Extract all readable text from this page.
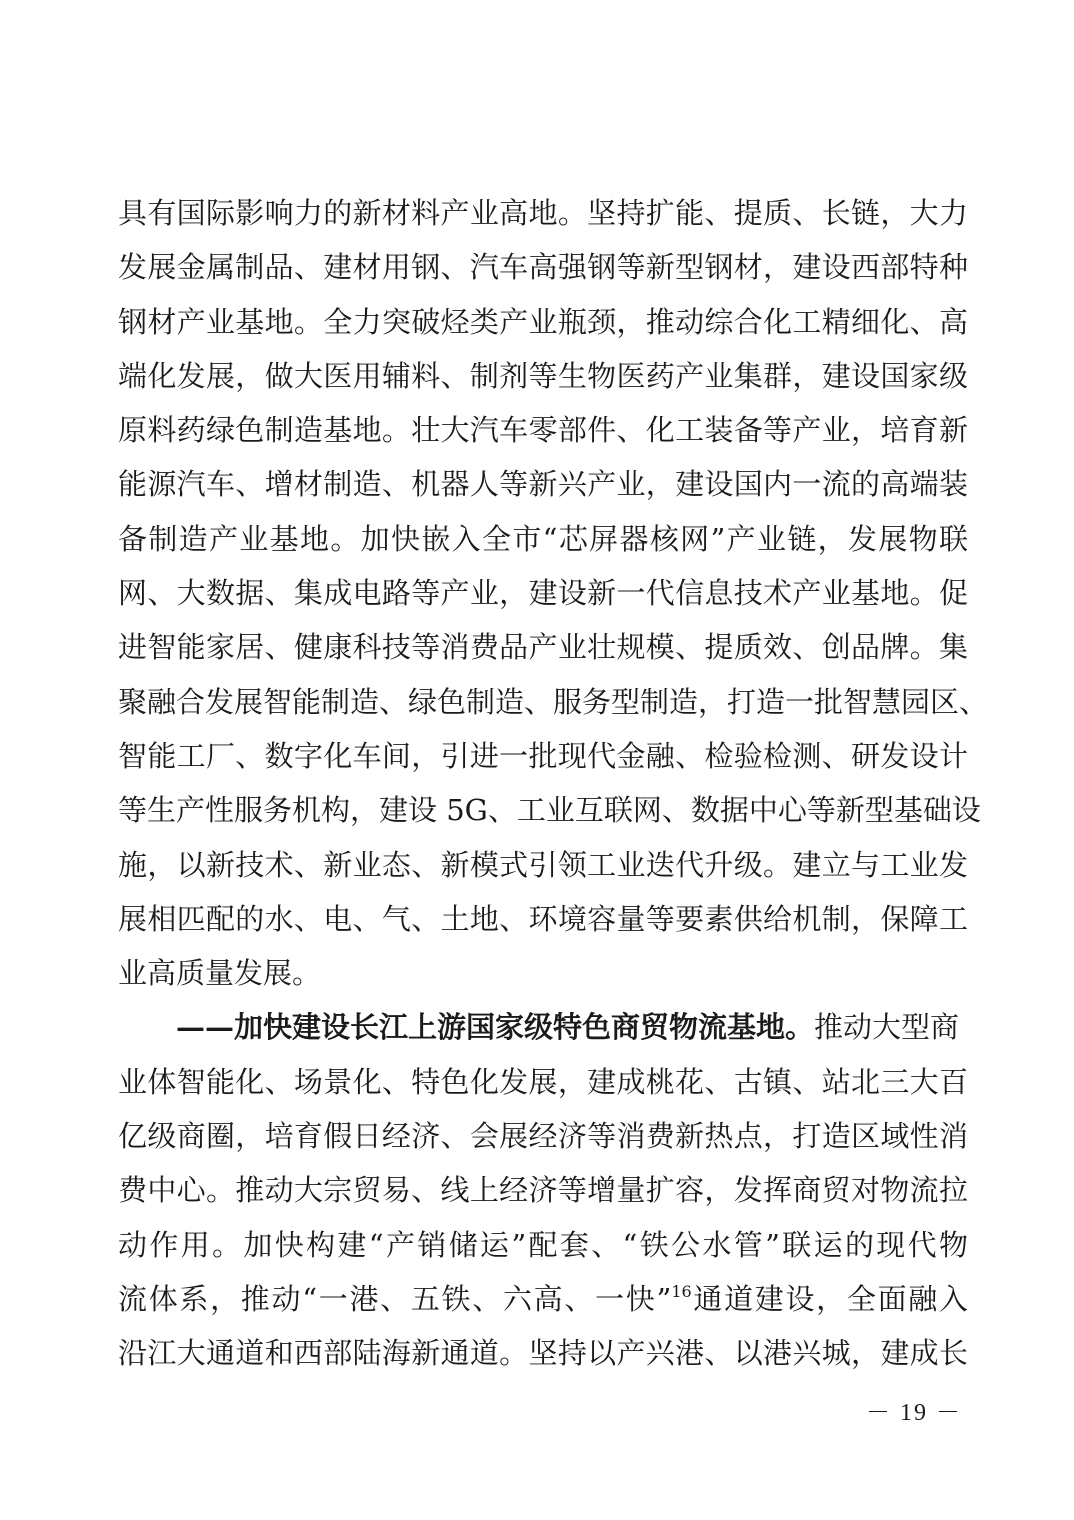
具有国际影响力的新材料产业高地。坚持扩能、提质、长链，大力
发展金属制品、建材用钢、汽车高强钢等新型钢材，建设西部特种
钢材产业基地。全力突破烃类产业瓶颈，推动综合化工精细化、高
端化发展，做大医用辅料、制剂等生物医药产业集群，建设国家级
原料药绿色制造基地。壮大汽车零部件、化工装备等产业，培育新
能源汽车、增材制造、机器人等新兴产业，建设国内一流的高端装
备制造产业基地。加快嵌入全市“芯屏器核网”产业链，发展物联
网、大数据、集成电路等产业，建设新一代信息技术产业基地。促
进智能家居、健康科技等消费品产业壮规模、提质效、创品牌。集
聚融合发展智能制造、绿色制造、服务型制造，打造一批智慧园区、
智能工厂、数字化车间，引进一批现代金融、检验检测、研发设计
等生产性服务机构，建设 5G、工业互联网、数据中心等新型基础设
施，以新技术、新业态、新模式引领工业迭代升级。建立与工业发
展相匹配的水、电、气、土地、环境容量等要素供给机制，保障工
业高质量发展。
——加快建设长江上游国家级特色商贸物流基地。推动大型商
业体智能化、场景化、特色化发展，建成桃花、古镇、站北三大百
亿级商圈，培育假日经济、会展经济等消费新热点，打造区域性消
费中心。推动大宗贸易、线上经济等增量扩容，发挥商贸对物流拉
动作用。加快构建“产销储运”配套、“铁公水管”联运的现代物
流体系，推动“一港、五铁、六高、一快”$^{16}$通道建设，全面融入
沿江大通道和西部陆海新通道。坚持以产兴港、以港兴城，建成长
－ 19 －
